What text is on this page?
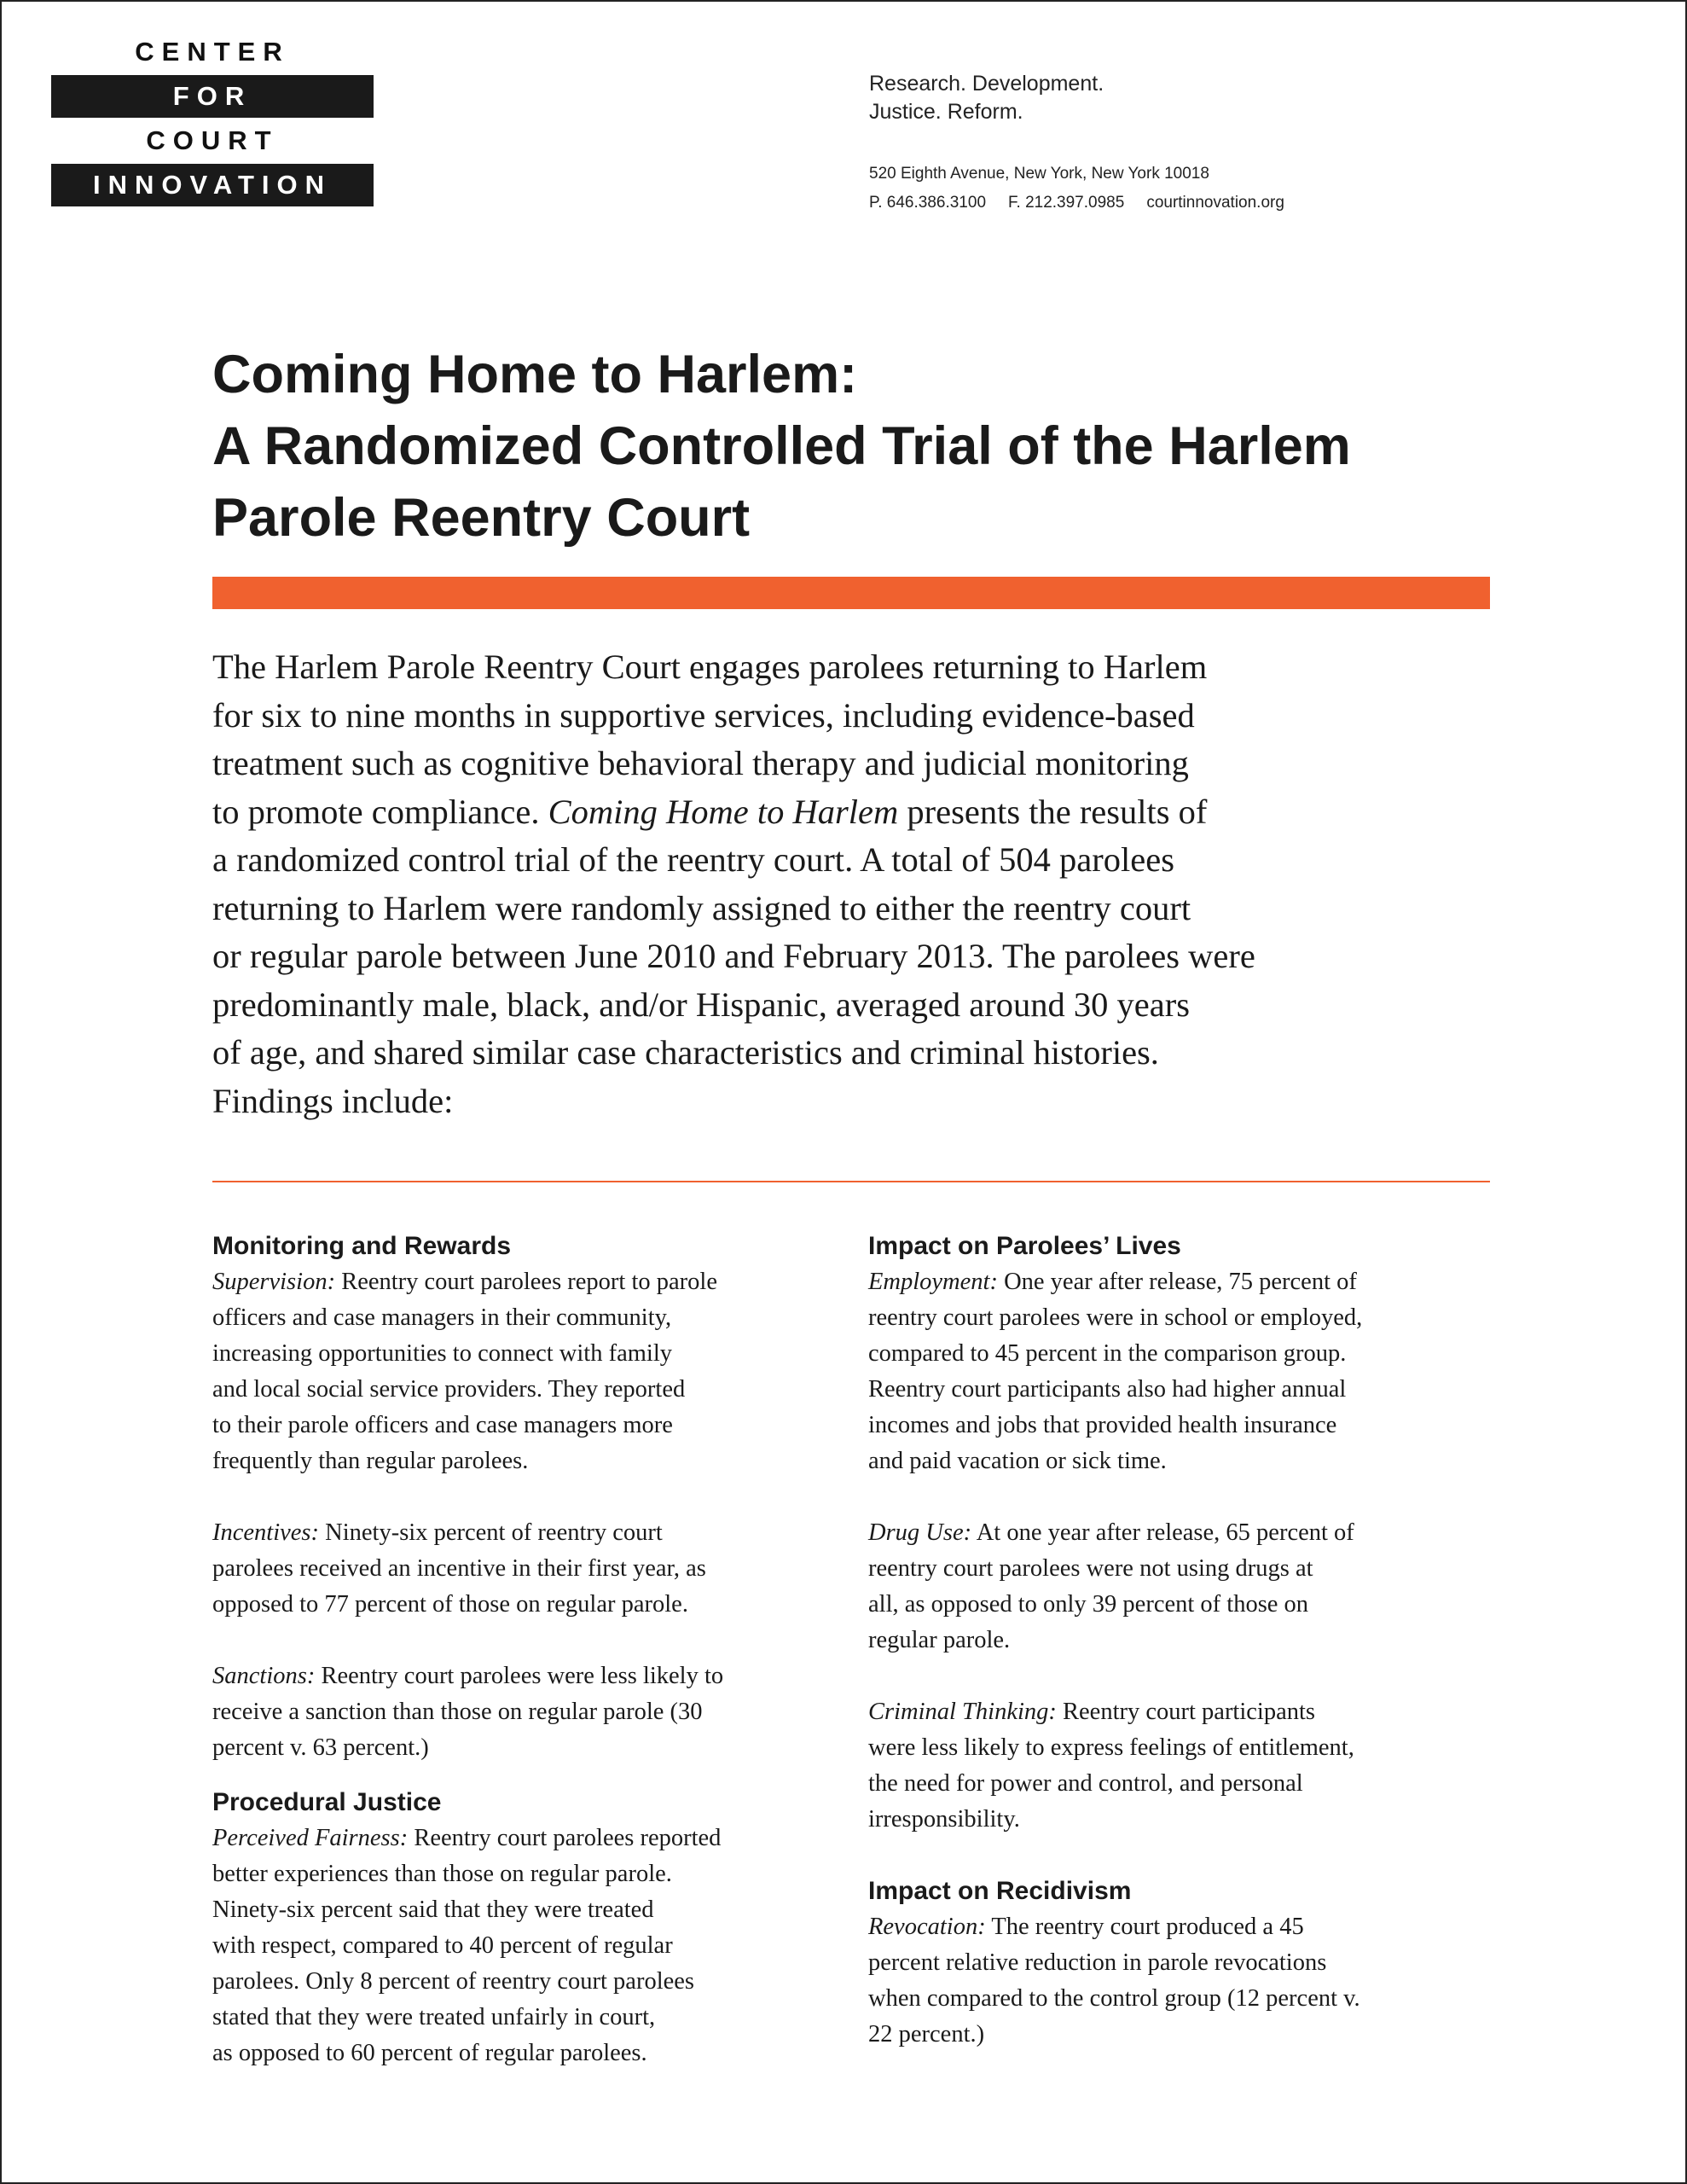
CENTER
FOR
COURT
INNOVATION
Research. Development.
Justice. Reform.
520 Eighth Avenue, New York, New York 10018
P. 646.386.3100 F. 212.397.0985 courtinnovation.org
Coming Home to Harlem:
A Randomized Controlled Trial of the Harlem
Parole Reentry Court
The Harlem Parole Reentry Court engages parolees returning to Harlem
for six to nine months in supportive services, including evidence-based
treatment such as cognitive behavioral therapy and judicial monitoring
to promote compliance. Coming Home to Harlem presents the results of
a randomized control trial of the reentry court. A total of 504 parolees
returning to Harlem were randomly assigned to either the reentry court
or regular parole between June 2010 and February 2013. The parolees were
predominantly male, black, and/or Hispanic, averaged around 30 years
of age, and shared similar case characteristics and criminal histories.
Findings include:
Monitoring and Rewards

Supervision: Reentry court parolees report to parole
officers and case managers in their community,
increasing opportunities to connect with family
and local social service providers. They reported
to their parole officers and case managers more
frequently than regular parolees.

Incentives: Ninety-six percent of reentry court
parolees received an incentive in their first year, as
opposed to 77 percent of those on regular parole.

Sanctions: Reentry court parolees were less likely to
receive a sanction than those on regular parole (30
percent v. 63 percent.)

Procedural Justice

Perceived Fairness: Reentry court parolees reported
better experiences than those on regular parole.
Ninety-six percent said that they were treated
with respect, compared to 40 percent of regular
parolees. Only 8 percent of reentry court parolees
stated that they were treated unfairly in court,
as opposed to 60 percent of regular parolees.

Impact on Parolees’ Lives

Employment: One year after release, 75 percent of
reentry court parolees were in school or employed,
compared to 45 percent in the comparison group.
Reentry court participants also had higher annual
incomes and jobs that provided health insurance
and paid vacation or sick time.

Drug Use: At one year after release, 65 percent of
reentry court parolees were not using drugs at
all, as opposed to only 39 percent of those on
regular parole.

Criminal Thinking: Reentry court participants
were less likely to express feelings of entitlement,
the need for power and control, and personal
irresponsibility.

Impact on Recidivism

Revocation: The reentry court produced a 45
percent relative reduction in parole revocations
when compared to the control group (12 percent v.
22 percent.)
